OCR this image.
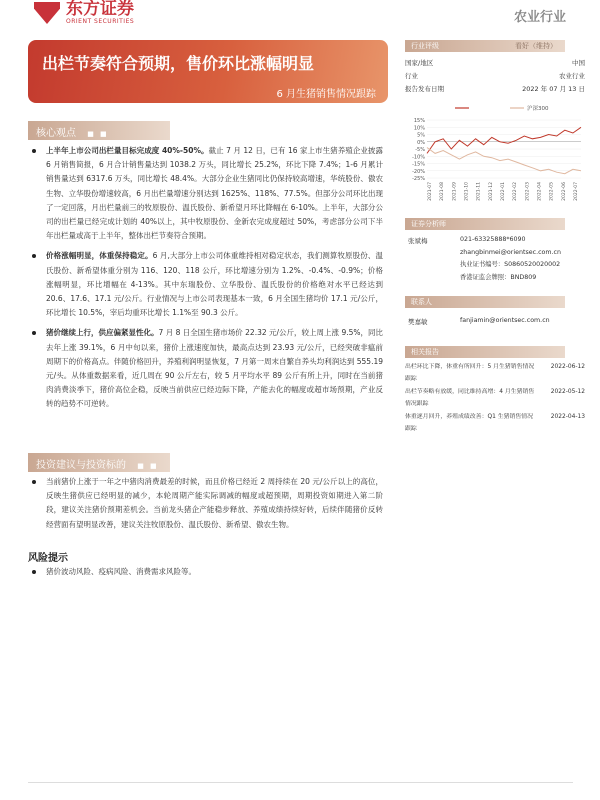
东方证券
ORIENT SECURITIES	农业行业
出栏节奏符合预期，售价环比涨幅明显
6 月生猪销售情况跟踪
核心观点 ■ ■
上半年上市公司出栏量目标完成度 40%-50%。截止 7 月 12 日，已有 16 家上市生猪养殖企业披露 6 月销售简报，6 月合计销售量达到 1038.2 万头，同比增长 25.2%，环比下降 7.4%；1-6 月累计销售量达到 6317.6 万头，同比增长 48.4%。大部分企业生猪同比仍保持较高增速，华统股份、傲农生物、立华股份增速较高，6 月出栏量增速分别达到 1625%、118%、77.5%。但部分公司环比出现了一定回落，月出栏量前三的牧原股份、温氏股份、新希望月环比降幅在 6-10%。上半年，大部分公司的出栏量已经完成计划的 40%以上，其中牧原股份、金新农完成度超过 50%，考虑部分公司下半年出栏量或高于上半年，整体出栏节奏符合预期。
价格涨幅明显，体重保持稳定。6 月,大部分上市公司体重维持相对稳定状态，我们测算牧原股份、温氏股份、新希望体重分别为 116、120、118 公斤，环比增速分别为 1.2%、-0.4%、-0.9%；价格涨幅明显，环比增幅在 4-13%。其中东瑞股份、立华股份、温氏股份的价格绝对水平已经达到 20.6、17.6、17.1 元/公斤。行业情况与上市公司表现基本一致，6 月全国生猪均价 17.1 元/公斤，环比增长 10.5%，宰后均重环比增长 1.1%至 90.3 公斤。
猪价继续上行，供应偏紧显性化。7 月 8 日全国生猪市场价 22.32 元/公斤，较上周上涨 9.5%，同比去年上涨 39.1%，6 月中旬以来，猪价上涨速度加快，最高点达到 23.93 元/公斤，已经突破非瘟前周期下的价格高点。伴随价格回升，养殖利润明显恢复，7 月第一周末自繁自养头均利润达到 555.19 元/头。从体重数据来看，近几周在 90 公斤左右，较 5 月平均水平 89 公斤有所上升，同时在当前猪肉消费淡季下，猪价高位企稳，反映当前供应已经边际下降，产能去化的幅度或超市场预期，产业反转的趋势不可逆转。
投资建议与投资标的 ■ ■
当前猪价上涨于一年之中猪肉消费最差的时候，而且价格已经近 2 周持续在 20 元/公斤以上的高位，反映生猪供应已经明显的减少，本轮周期产能实际调减的幅度或超预期，周期投资如期进入第二阶段，建议关注猪价预期差机会。当前龙头猪企产能稳步释放、养殖成绩持续好转，后续伴随猪价反转经营面有望明显改善，建议关注牧原股份、温氏股份、新希望、傲农生物。
风险提示
猪价波动风险、疫病风险、消费需求风险等。
行业评级	看好（维持）
国家/地区	中国
行业	农业行业
报告发布日期	2022 年 07 月 13 日
15%
10%
5%
0%
-5%
-10%
-15%
-20%
-25%
2021-07 2021-08 2021-09 2021-10 2021-11 2021-12 2022-01 2022-02 2022-03 2022-04 2022-05 2022-06 2022-07
沪深300
证券分析师
张斌梅	021-63325888*6090
zhangbinmei@orientsec.com.cn
执业证书编号：S0860520020002
香港证监会牌照：BND809
联系人
樊嘉敏	fanjiamin@orientsec.com.cn
相关报告
出栏环比下降，体重有所回升：5 月生猪销售情况跟踪
2022-06-12
出栏节奏略有放缓，同比维持高增：4 月生猪销售情况跟踪
2022-05-12
体重逐月回升，养殖成绩改善：Q1 生猪销售情况跟踪
2022-04-13
